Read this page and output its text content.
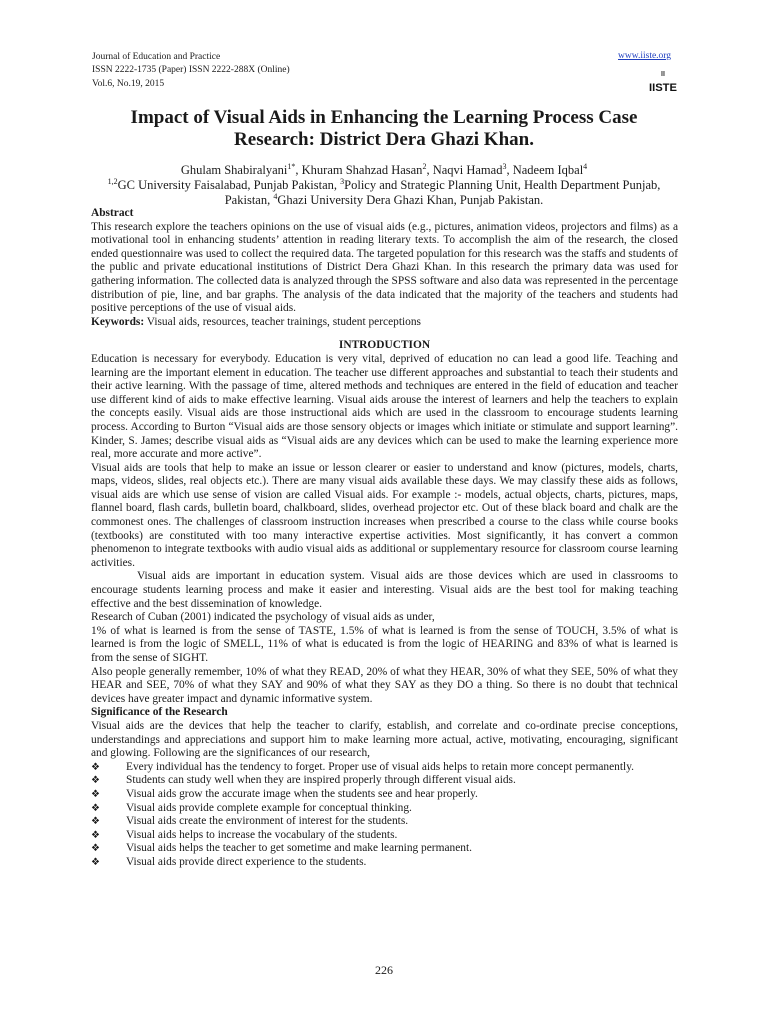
Journal of Education and Practice
ISSN 2222-1735 (Paper) ISSN 2222-288X (Online)
Vol.6, No.19, 2015
www.iiste.org
II
IISTE
Impact of Visual Aids in Enhancing the Learning Process Case Research: District Dera Ghazi Khan.
Ghulam Shabiralyani$^{1*}$, Khuram Shahzad Hasan$^2$, Naqvi Hamad$^3$, Nadeem Iqbal$^4$
$^{1,2}$GC University Faisalabad, Punjab Pakistan, $^3$Policy and Strategic Planning Unit, Health Department Punjab,
Pakistan, $^4$Ghazi University Dera Ghazi Khan, Punjab Pakistan.
Abstract

This research explore the teachers opinions on the use of visual aids (e.g., pictures, animation videos, projectors and films) as a motivational tool in enhancing students’ attention in reading literary texts. To accomplish the aim of the research, the closed ended questionnaire was used to collect the required data. The targeted population for this research was the staffs and students of the public and private educational institutions of District Dera Ghazi Khan. In this research the primary data was used for gathering information. The collected data is analyzed through the SPSS software and also data was represented in the percentage distribution of pie, line, and bar graphs. The analysis of the data indicated that the majority of the teachers and students had positive perceptions of the use of visual aids.

Keywords: Visual aids, resources, teacher trainings, student perceptions

INTRODUCTION

Education is necessary for everybody. Education is very vital, deprived of education no can lead a good life. Teaching and learning are the important element in education. The teacher use different approaches and substantial to teach their students and their active learning. With the passage of time, altered methods and techniques are entered in the field of education and teacher use different kind of aids to make effective learning. Visual aids arouse the interest of learners and help the teachers to explain the concepts easily. Visual aids are those instructional aids which are used in the classroom to encourage students learning process. According to Burton “Visual aids are those sensory objects or images which initiate or stimulate and support learning”. Kinder, S. James; describe visual aids as “Visual aids are any devices which can be used to make the learning experience more real, more accurate and more active”.

Visual aids are tools that help to make an issue or lesson clearer or easier to understand and know (pictures, models, charts, maps, videos, slides, real objects etc.). There are many visual aids available these days. We may classify these aids as follows, visual aids are which use sense of vision are called Visual aids. For example :- models, actual objects, charts, pictures, maps, flannel board, flash cards, bulletin board, chalkboard, slides, overhead projector etc. Out of these black board and chalk are the commonest ones. The challenges of classroom instruction increases when prescribed a course to the class while course books (textbooks) are constituted with too many interactive expertise activities. Most significantly, it has convert a common phenomenon to integrate textbooks with audio visual aids as additional or supplementary resource for classroom course learning activities.

Visual aids are important in education system. Visual aids are those devices which are used in classrooms to encourage students learning process and make it easier and interesting. Visual aids are the best tool for making teaching effective and the best dissemination of knowledge.

Research of Cuban (2001) indicated the psychology of visual aids as under,

1% of what is learned is from the sense of TASTE, 1.5% of what is learned is from the sense of TOUCH, 3.5% of what is learned is from the logic of SMELL, 11% of what is educated is from the logic of HEARING and 83% of what is learned is from the sense of SIGHT.

Also people generally remember, 10% of what they READ, 20% of what they HEAR, 30% of what they SEE, 50% of what they HEAR and SEE, 70% of what they SAY and 90% of what they SAY as they DO a thing. So there is no doubt that technical devices have greater impact and dynamic informative system.

Significance of the Research

Visual aids are the devices that help the teacher to clarify, establish, and correlate and co-ordinate precise conceptions, understandings and appreciations and support him to make learning more actual, active, motivating, encouraging, significant and glowing. Following are the significances of our research,

❖ Every individual has the tendency to forget. Proper use of visual aids helps to retain more concept permanently.
❖ Students can study well when they are inspired properly through different visual aids.
❖ Visual aids grow the accurate image when the students see and hear properly.
❖ Visual aids provide complete example for conceptual thinking.
❖ Visual aids create the environment of interest for the students.
❖ Visual aids helps to increase the vocabulary of the students.
❖ Visual aids helps the teacher to get sometime and make learning permanent.
❖ Visual aids provide direct experience to the students.
226
